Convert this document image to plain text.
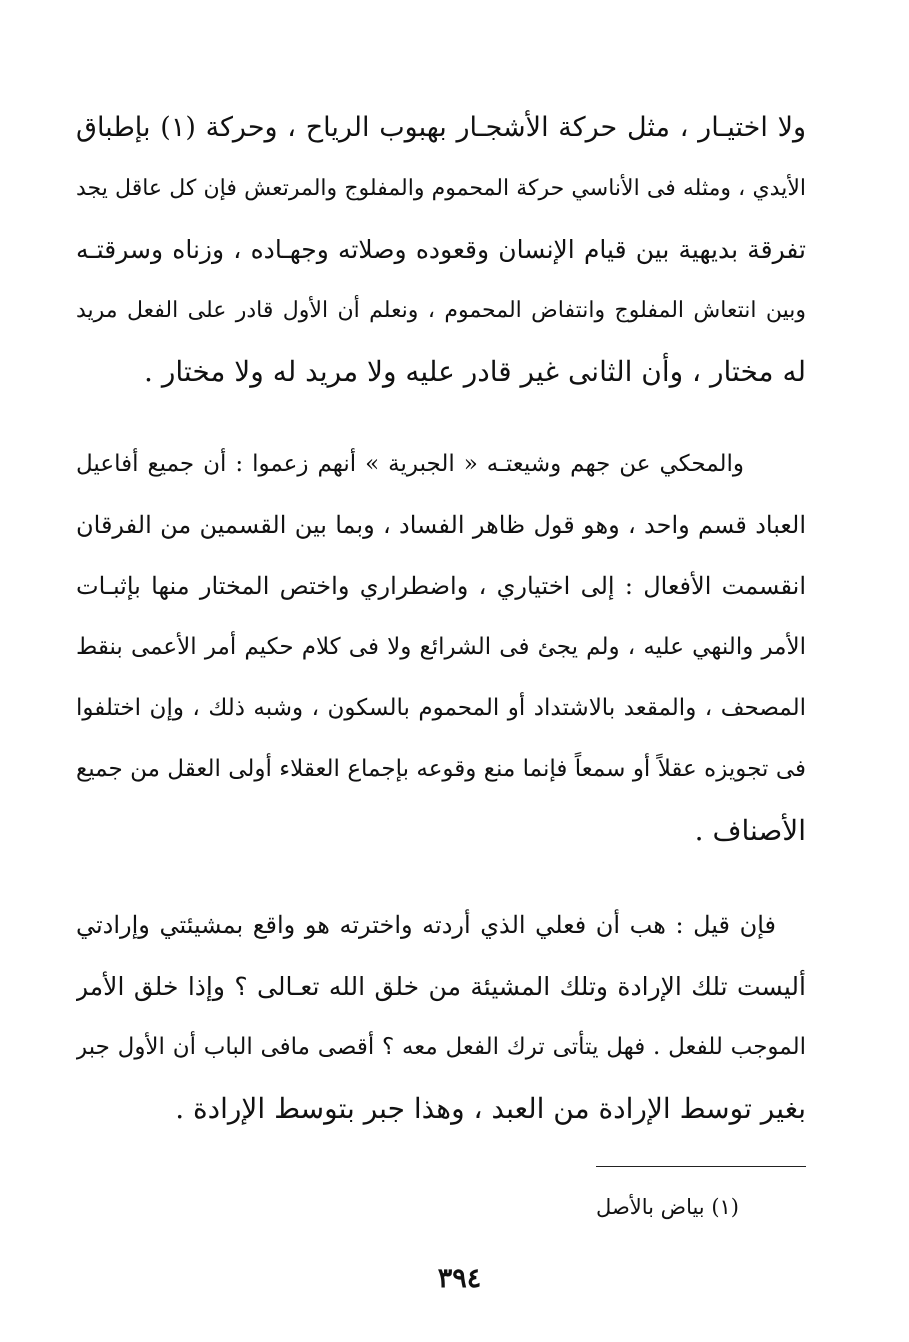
ولا اختيـار ، مثل حركة الأشجـار بهبوب الرياح ، وحركة (١) بإطباق
الأيدي ، ومثله فى الأناسي حركة المحموم والمفلوج والمرتعش فإن كل عاقل يجد
تفرقة بديهية بين قيام الإنسان وقعوده وصلاته وجهـاده ، وزناه وسرقتـه
وبين انتعاش المفلوج وانتفاض المحموم ، ونعلم أن الأول قادر على الفعل مريد
له مختار ، وأن الثانى غير قادر عليه ولا مريد له ولا مختار .
والمحكي عن جهم وشيعتـه « الجبرية » أنهم زعموا : أن جميع أفاعيل
العباد قسم واحد ، وهو قول ظاهر الفساد ، وبما بين القسمين من الفرقان
انقسمت الأفعال : إلى اختياري ، واضطراري واختص المختار منها بإثبـات
الأمر والنهي عليه ، ولم يجئ فى الشرائع ولا فى كلام حكيم أمر الأعمى بنقط
المصحف ، والمقعد بالاشتداد أو المحموم بالسكون ، وشبه ذلك ، وإن اختلفوا
فى تجويزه عقلاً أو سمعاً فإنما منع وقوعه بإجماع العقلاء أولى العقل من جميع
الأصناف .
فإن قيل : هب أن فعلي الذي أردته واخترته هو واقع بمشيئتي وإرادتي
أليست تلك الإرادة وتلك المشيئة من خلق الله تعـالى ؟ وإذا خلق الأمر
الموجب للفعل . فهل يتأتى ترك الفعل معه ؟ أقصى مافى الباب أن الأول جبر
بغير توسط الإرادة من العبد ، وهذا جبر بتوسط الإرادة .
(١) بياض بالأصل
٣٩٤
